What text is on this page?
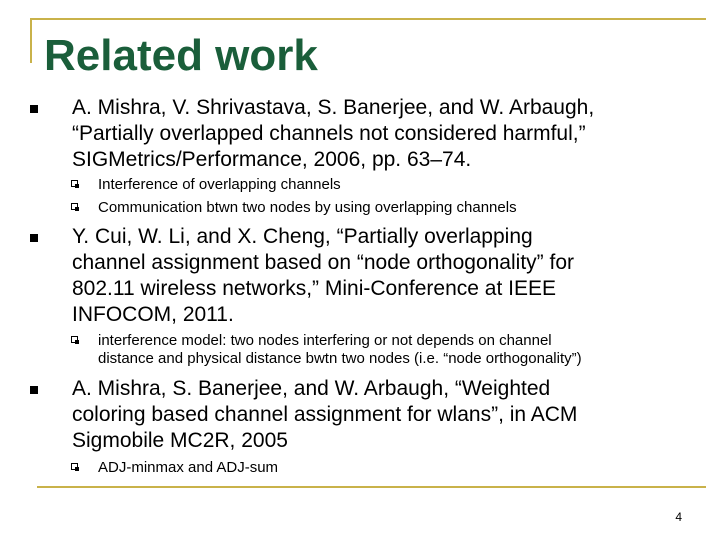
Related work
A. Mishra, V. Shrivastava, S. Banerjee, and W. Arbaugh,
“Partially overlapped channels not considered harmful,”
SIGMetrics/Performance, 2006, pp. 63–74.
Interference of overlapping channels
Communication btwn two nodes by using overlapping channels
Y. Cui, W. Li, and X. Cheng, “Partially overlapping
channel assignment based on “node orthogonality” for
802.11 wireless networks,” Mini-Conference at IEEE
INFOCOM, 2011.
interference model: two nodes interfering or not depends on channel
distance and physical distance bwtn two nodes (i.e. “node orthogonality”)
A. Mishra, S. Banerjee, and W. Arbaugh, “Weighted
coloring based channel assignment for wlans”, in ACM
Sigmobile MC2R, 2005
ADJ-minmax and ADJ-sum
4
